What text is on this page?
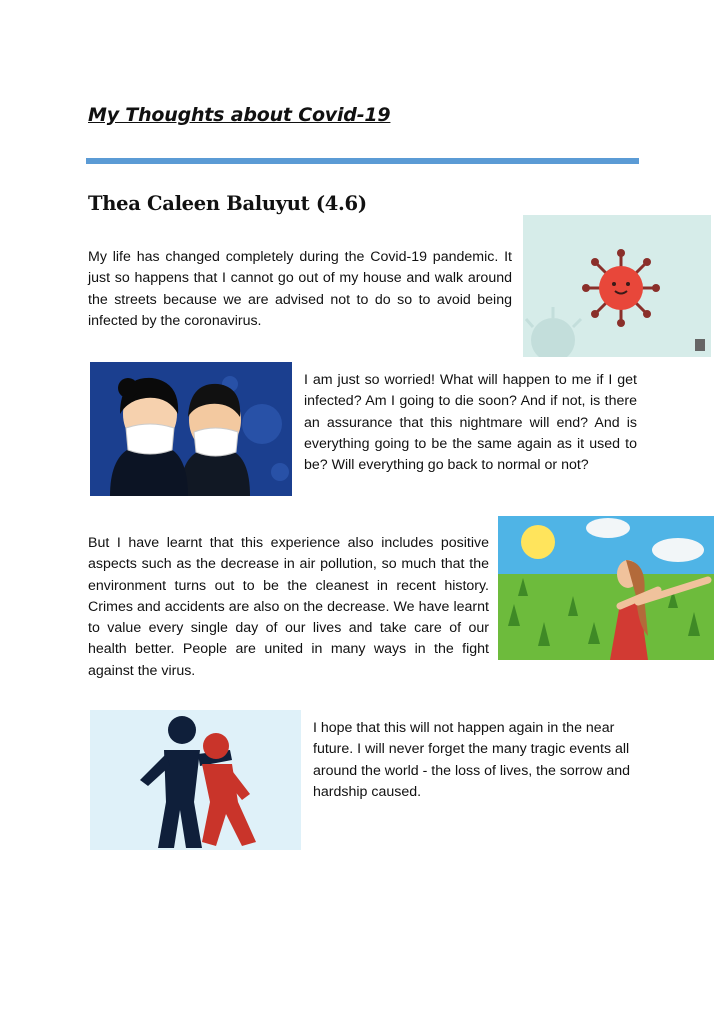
My Thoughts about Covid-19
Thea Caleen Baluyut (4.6)
My life has changed completely during the Covid-19 pandemic. It just so happens that I cannot go out of my house and walk around the streets because we are advised not to do so to avoid being infected by the coronavirus.
I am just so worried! What will happen to me if I get infected? Am I going to die soon? And if not, is there an assurance that this nightmare will end? And is everything going to be the same again as it used to be? Will everything go back to normal or not?
But I have learnt that this experience also includes positive aspects such as the decrease in air pollution, so much that the environment turns out to be the cleanest in recent history. Crimes and accidents are also on the decrease. We have learnt to value every single day of our lives and take care of our health better. People are united in many ways in the fight against the virus.
I hope that this will not happen again in the near future. I will never forget the many tragic events all around the world - the loss of lives, the sorrow and hardship caused.
